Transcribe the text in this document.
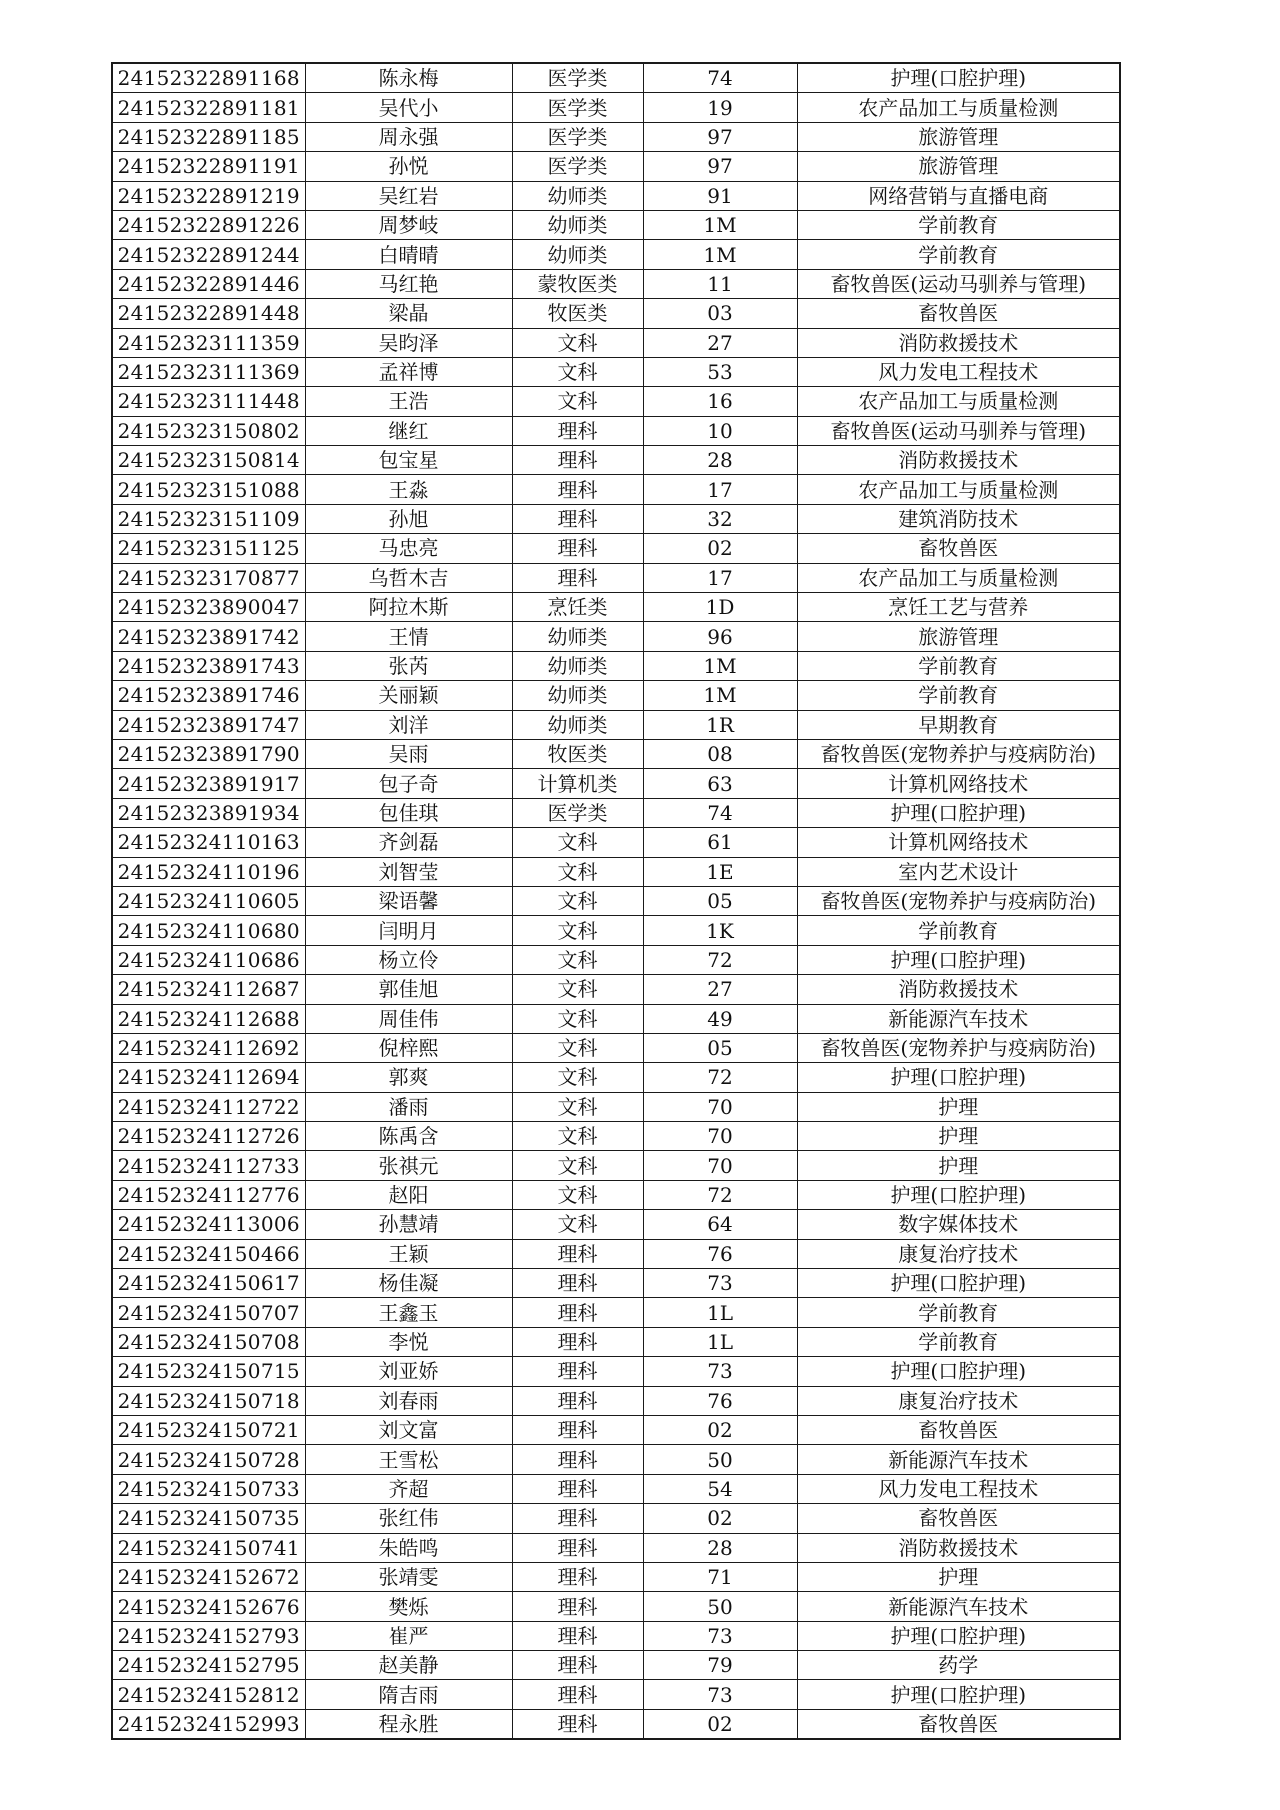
24152322891168	陈永梅	医学类	74	护理(口腔护理)
24152322891181	吴代小	医学类	19	农产品加工与质量检测
24152322891185	周永强	医学类	97	旅游管理
24152322891191	孙悦	医学类	97	旅游管理
24152322891219	吴红岩	幼师类	91	网络营销与直播电商
24152322891226	周梦岐	幼师类	1M	学前教育
24152322891244	白晴晴	幼师类	1M	学前教育
24152322891446	马红艳	蒙牧医类	11	畜牧兽医(运动马驯养与管理)
24152322891448	梁晶	牧医类	03	畜牧兽医
24152323111359	吴昀泽	文科	27	消防救援技术
24152323111369	孟祥博	文科	53	风力发电工程技术
24152323111448	王浩	文科	16	农产品加工与质量检测
24152323150802	继红	理科	10	畜牧兽医(运动马驯养与管理)
24152323150814	包宝星	理科	28	消防救援技术
24152323151088	王淼	理科	17	农产品加工与质量检测
24152323151109	孙旭	理科	32	建筑消防技术
24152323151125	马忠亮	理科	02	畜牧兽医
24152323170877	乌哲木吉	理科	17	农产品加工与质量检测
24152323890047	阿拉木斯	烹饪类	1D	烹饪工艺与营养
24152323891742	王情	幼师类	96	旅游管理
24152323891743	张芮	幼师类	1M	学前教育
24152323891746	关丽颖	幼师类	1M	学前教育
24152323891747	刘洋	幼师类	1R	早期教育
24152323891790	吴雨	牧医类	08	畜牧兽医(宠物养护与疫病防治)
24152323891917	包子奇	计算机类	63	计算机网络技术
24152323891934	包佳琪	医学类	74	护理(口腔护理)
24152324110163	齐剑磊	文科	61	计算机网络技术
24152324110196	刘智莹	文科	1E	室内艺术设计
24152324110605	梁语馨	文科	05	畜牧兽医(宠物养护与疫病防治)
24152324110680	闫明月	文科	1K	学前教育
24152324110686	杨立伶	文科	72	护理(口腔护理)
24152324112687	郭佳旭	文科	27	消防救援技术
24152324112688	周佳伟	文科	49	新能源汽车技术
24152324112692	倪梓熙	文科	05	畜牧兽医(宠物养护与疫病防治)
24152324112694	郭爽	文科	72	护理(口腔护理)
24152324112722	潘雨	文科	70	护理
24152324112726	陈禹含	文科	70	护理
24152324112733	张祺元	文科	70	护理
24152324112776	赵阳	文科	72	护理(口腔护理)
24152324113006	孙慧靖	文科	64	数字媒体技术
24152324150466	王颖	理科	76	康复治疗技术
24152324150617	杨佳凝	理科	73	护理(口腔护理)
24152324150707	王鑫玉	理科	1L	学前教育
24152324150708	李悦	理科	1L	学前教育
24152324150715	刘亚娇	理科	73	护理(口腔护理)
24152324150718	刘春雨	理科	76	康复治疗技术
24152324150721	刘文富	理科	02	畜牧兽医
24152324150728	王雪松	理科	50	新能源汽车技术
24152324150733	齐超	理科	54	风力发电工程技术
24152324150735	张红伟	理科	02	畜牧兽医
24152324150741	朱皓鸣	理科	28	消防救援技术
24152324152672	张靖雯	理科	71	护理
24152324152676	樊烁	理科	50	新能源汽车技术
24152324152793	崔严	理科	73	护理(口腔护理)
24152324152795	赵美静	理科	79	药学
24152324152812	隋吉雨	理科	73	护理(口腔护理)
24152324152993	程永胜	理科	02	畜牧兽医
